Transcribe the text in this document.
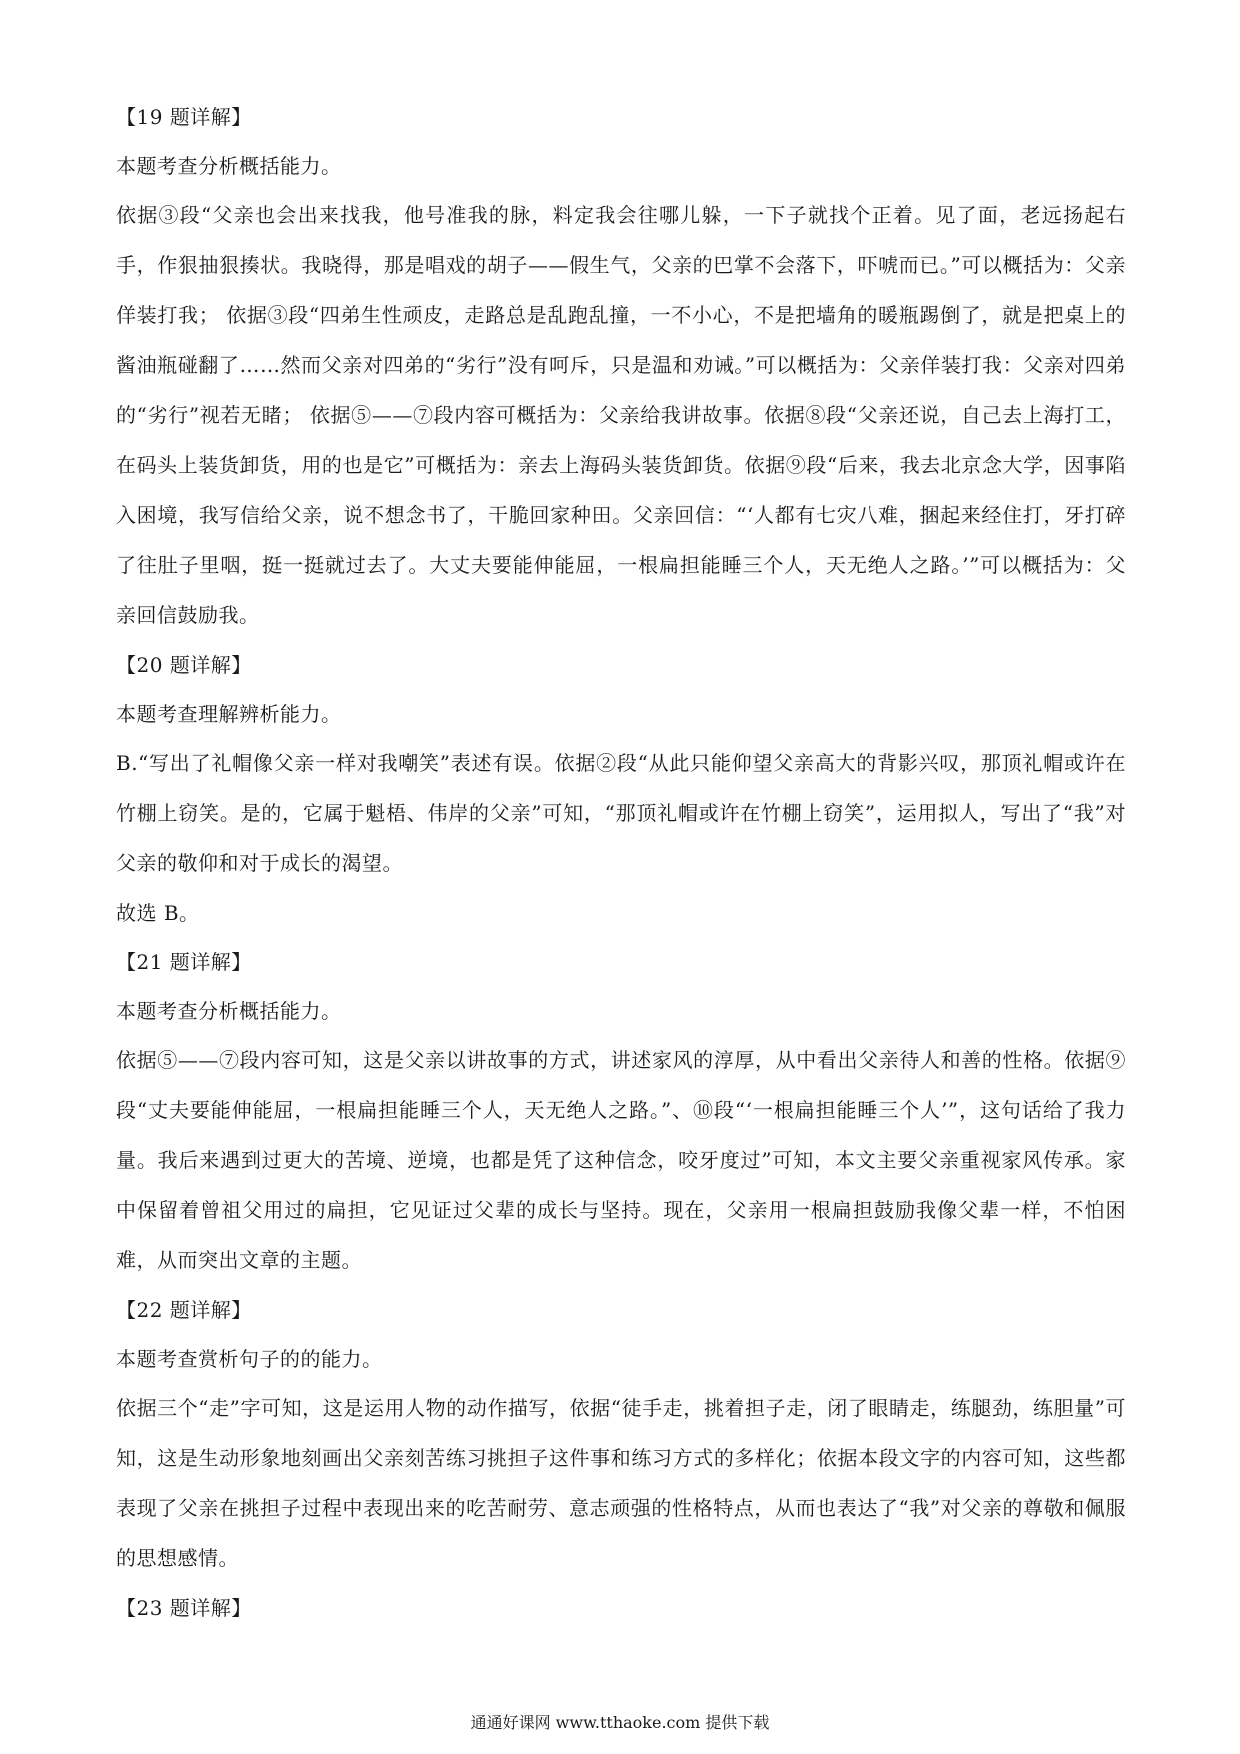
【19 题详解】
本题考查分析概括能力。
依据③段“父亲也会出来找我，他号准我的脉，料定我会往哪儿躲，一下子就找个正着。见了面，老远扬起右手，作狠抽狠揍状。我晓得，那是唱戏的胡子——假生气，父亲的巴掌不会落下，吓唬而已。”可以概括为：父亲佯装打我； 依据③段“四弟生性顽皮，走路总是乱跑乱撞，一不小心，不是把墙角的暖瓶踢倒了，就是把桌上的酱油瓶碰翻了……然而父亲对四弟的“劣行”没有呵斥，只是温和劝诫。”可以概括为：父亲佯装打我：父亲对四弟的“劣行”视若无睹； 依据⑤——⑦段内容可概括为：父亲给我讲故事。依据⑧段“父亲还说，自己去上海打工，在码头上装货卸货，用的也是它”可概括为：亲去上海码头装货卸货。依据⑨段“后来，我去北京念大学，因事陷入困境，我写信给父亲，说不想念书了，干脆回家种田。父亲回信：“‘人都有七灾八难，捆起来经住打，牙打碎了往肚子里咽，挺一挺就过去了。大丈夫要能伸能屈，一根扁担能睡三个人，天无绝人之路。’”可以概括为：父亲回信鼓励我。
【20 题详解】
本题考查理解辨析能力。
B.“写出了礼帽像父亲一样对我嘲笑”表述有误。依据②段“从此只能仰望父亲高大的背影兴叹，那顶礼帽或许在竹棚上窃笑。是的，它属于魁梧、伟岸的父亲”可知，“那顶礼帽或许在竹棚上窃笑”，运用拟人，写出了“我”对父亲的敬仰和对于成长的渴望。
故选 B。
【21 题详解】
本题考查分析概括能力。
依据⑤——⑦段内容可知，这是父亲以讲故事的方式，讲述家风的淳厚，从中看出父亲待人和善的性格。依据⑨段“丈夫要能伸能屈，一根扁担能睡三个人，天无绝人之路。”、⑩段“‘一根扁担能睡三个人’”，这句话给了我力量。我后来遇到过更大的苦境、逆境，也都是凭了这种信念，咬牙度过”可知，本文主要父亲重视家风传承。家中保留着曾祖父用过的扁担，它见证过父辈的成长与坚持。现在，父亲用一根扁担鼓励我像父辈一样，不怕困难，从而突出文章的主题。
【22 题详解】
本题考查赏析句子的的能力。
依据三个“走”字可知，这是运用人物的动作描写，依据“徒手走，挑着担子走，闭了眼睛走，练腿劲，练胆量”可知，这是生动形象地刻画出父亲刻苦练习挑担子这件事和练习方式的多样化；依据本段文字的内容可知，这些都表现了父亲在挑担子过程中表现出来的吃苦耐劳、意志顽强的性格特点，从而也表达了“我”对父亲的尊敬和佩服的思想感情。
【23 题详解】
通通好课网 www.tthaoke.com 提供下载
